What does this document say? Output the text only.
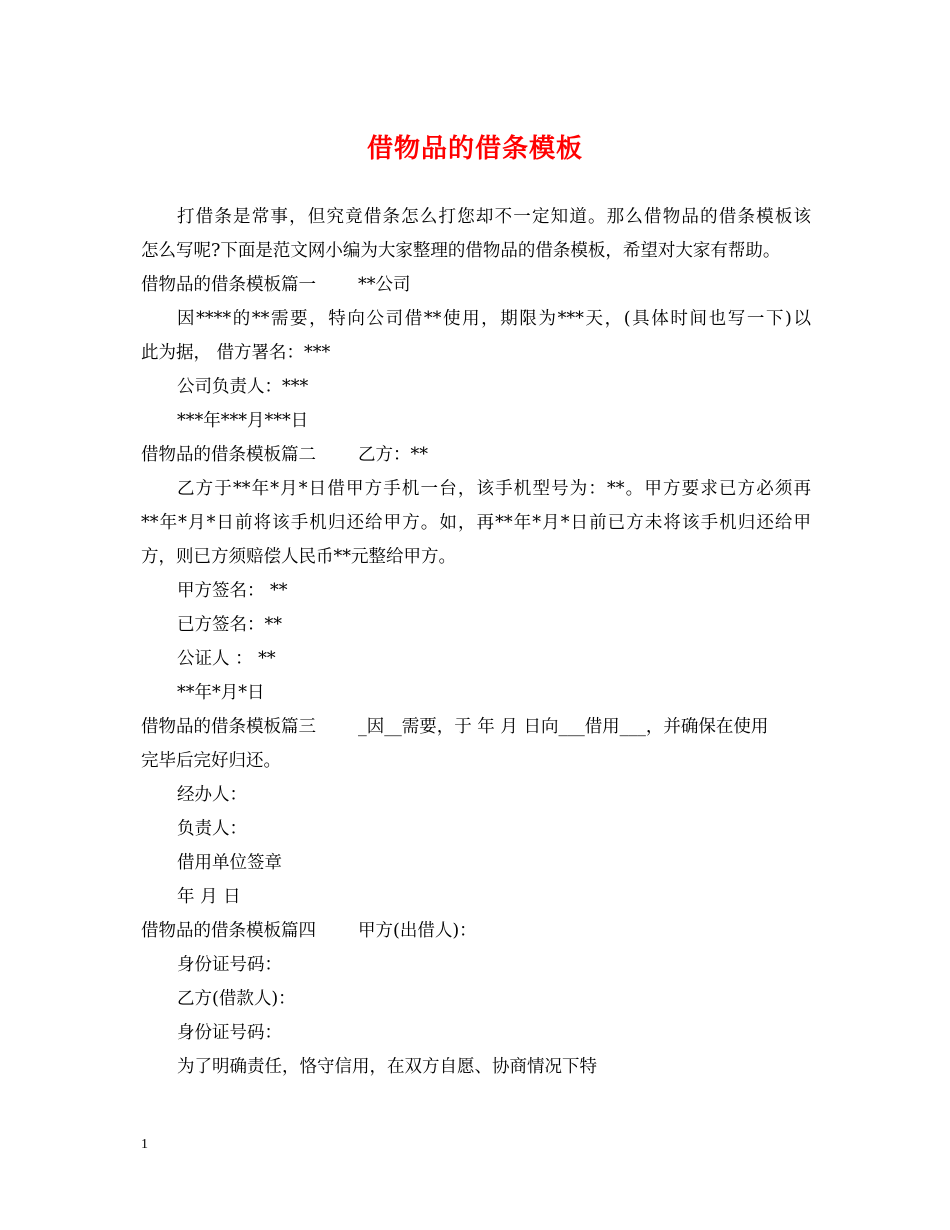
借物品的借条模板
打借条是常事，但究竟借条怎么打您却不一定知道。那么借物品的借条模板该
怎么写呢?下面是范文网小编为大家整理的借物品的借条模板，希望对大家有帮助。
借物品的借条模板篇一 **公司
因****的**需要，特向公司借**使用，期限为***天，(具体时间也写一下)以
此为据， 借方署名：***
公司负责人：***
***年***月***日
借物品的借条模板篇二 乙方：**
乙方于**年*月*日借甲方手机一台，该手机型号为：**。甲方要求已方必须再
**年*月*日前将该手机归还给甲方。如，再**年*月*日前已方未将该手机归还给甲
方，则已方须赔偿人民币**元整给甲方。
甲方签名： **
已方签名：**
公证人 ： **
**年*月*日
借物品的借条模板篇三 _因__需要，于 年 月 日向___借用___，并确保在使用
完毕后完好归还。
经办人：
负责人：
借用单位签章
年 月 日
借物品的借条模板篇四 甲方(出借人)：
身份证号码：
乙方(借款人)：
身份证号码：
为了明确责任，恪守信用，在双方自愿、协商情况下特
1
